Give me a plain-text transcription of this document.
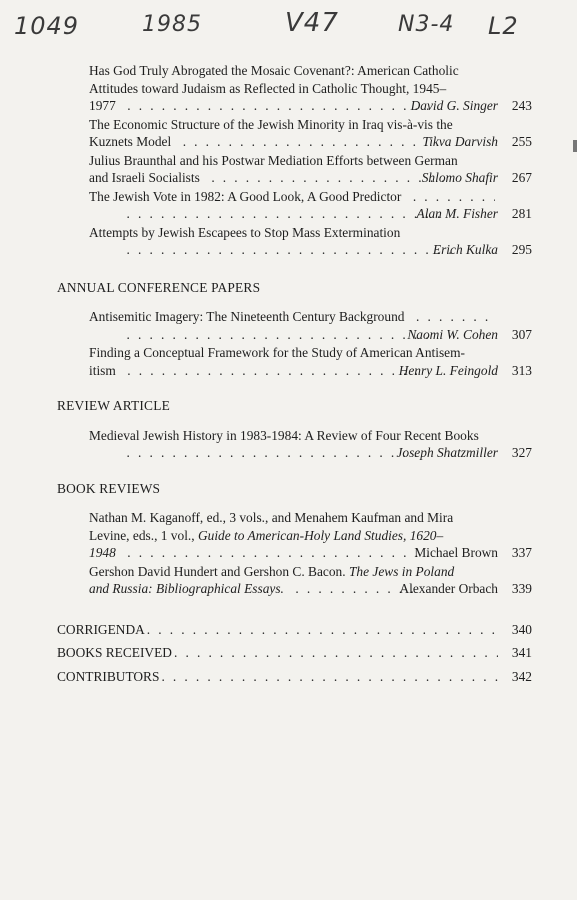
1049	1985	V47	N3-4 L2
Has God Truly Abrogated the Mosaic Covenant?: American Catholic
Attitudes toward Judaism as Reflected in Catholic Thought, 1945–
1977 . . .	David G. Singer	243
The Economic Structure of the Jewish Minority in Iraq vis-à-vis the
Kuznets Model . . .	Tikva Darvish	255
Julius Braunthal and his Postwar Mediation Efforts between German
and Israeli Socialists . . .	Shlomo Shafir	267
The Jewish Vote in 1982: A Good Look, A Good Predictor
. . .
. . .
Alan M. Fisher	281
Attempts by Jewish Escapees to Stop Mass Extermination
. . .
Erich Kulka	295
ANNUAL CONFERENCE PAPERS
Antisemitic Imagery: The Nineteenth Century Background
. . .
. . .
Naomi W. Cohen	307
Finding a Conceptual Framework for the Study of American Antisem-
itism . . .	Henry L. Feingold	313
REVIEW ARTICLE
Medieval Jewish History in 1983-1984: A Review of Four Recent Books
. . .
Joseph Shatzmiller	327
BOOK REVIEWS
Nathan M. Kaganoff, ed., 3 vols., and Menahem Kaufman and Mira
Levine, eds., 1 vol., Guide to American-Holy Land Studies, 1620–
1948 . . .	Michael Brown	337
Gershon David Hundert and Gershon C. Bacon. The Jews in Poland
and Russia: Bibliographical Essays. . . .	Alexander Orbach	339
CORRIGENDA . . .	340
BOOKS RECEIVED . . .	341
CONTRIBUTORS . . .	342
